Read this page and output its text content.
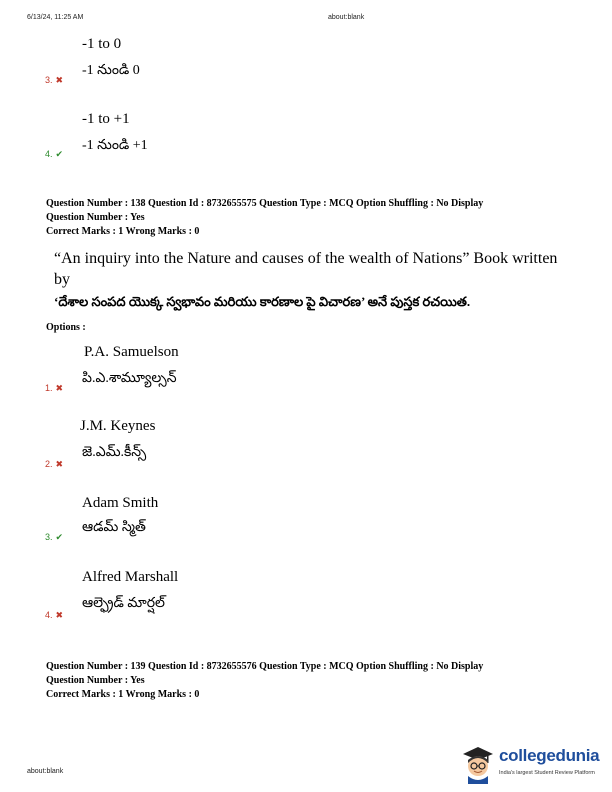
6/13/24, 11:25 AM	about:blank
-1 to 0
-1 నుండి 0
3. ✖
-1 to +1
-1 నుండి +1
4. ✔
Question Number : 138 Question Id : 8732655575 Question Type : MCQ Option Shuffling : No Display
Question Number : Yes
Correct Marks : 1 Wrong Marks : 0
“An inquiry into the Nature and causes of the wealth of Nations” Book written by
‘దేశాల సంపద యొక్క స్వభావం మరియు కారణాల పై విచారణ’ అనే పుస్తక రచయిత.
Options :
P.A. Samuelson
పి.ఎ.శామ్యూల్సన్
1. ✖
J.M. Keynes
జె.ఎమ్.కీన్స్
2. ✖
Adam Smith
ఆడమ్ స్మిత్
3. ✔
Alfred Marshall
ఆల్ఫ్రెడ్ మార్షల్
4. ✖
Question Number : 139 Question Id : 8732655576 Question Type : MCQ Option Shuffling : No Display
Question Number : Yes
Correct Marks : 1 Wrong Marks : 0
about:blank
collegedunia
India's largest Student Review Platform
